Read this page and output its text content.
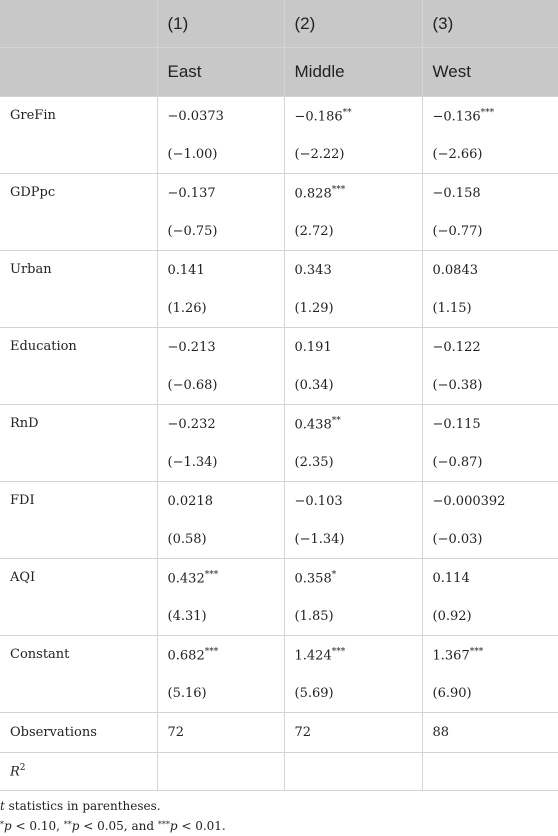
	(1)	(2)	(3)
	East	Middle	West
GreFin	−0.0373	−0.186**	−0.136***
	(−1.00)	(−2.22)	(−2.66)
GDPpc	−0.137	0.828***	−0.158
	(−0.75)	(2.72)	(−0.77)
Urban	0.141	0.343	0.0843
	(1.26)	(1.29)	(1.15)
Education	−0.213	0.191	−0.122
	(−0.68)	(0.34)	(−0.38)
RnD	−0.232	0.438**	−0.115
	(−1.34)	(2.35)	(−0.87)
FDI	0.0218	−0.103	−0.000392
	(0.58)	(−1.34)	(−0.03)
AQI	0.432***	0.358*	0.114
	(4.31)	(1.85)	(0.92)
Constant	0.682***	1.424***	1.367***
	(5.16)	(5.69)	(6.90)
Observations	72	72	88
$R^2$			
t statistics in parentheses.
*p < 0.10, **p < 0.05, and ***p < 0.01.
